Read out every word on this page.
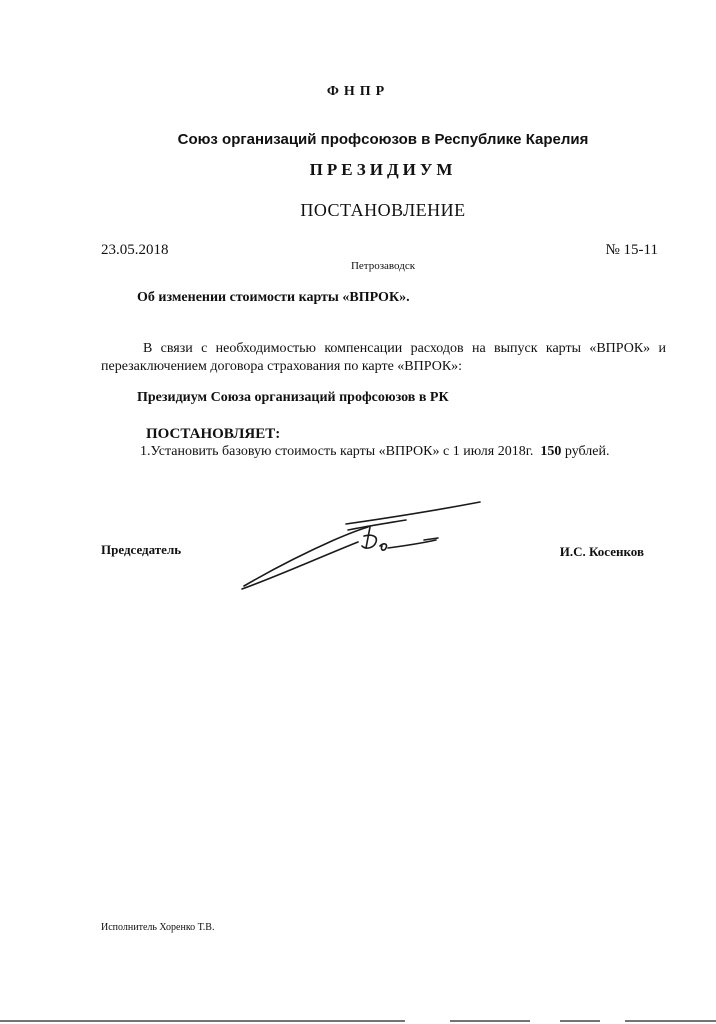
ФНПР
Союз организаций профсоюзов в Республике Карелия
ПРЕЗИДИУМ
ПОСТАНОВЛЕНИЕ
23.05.2018	№ 15-11
Петрозаводск
Об изменении стоимости карты «ВПРОК».
В связи с необходимостью компенсации расходов на выпуск карты «ВПРОК» и
перезаключением договора страхования по карте «ВПРОК»:
Президиум Союза организаций профсоюзов в РК
ПОСТАНОВЛЯЕТ:
1.Установить базовую стоимость карты «ВПРОК» с 1 июля 2018г. 150 рублей.
Председатель	И.С. Косенков
Исполнитель Хоренко Т.В.
